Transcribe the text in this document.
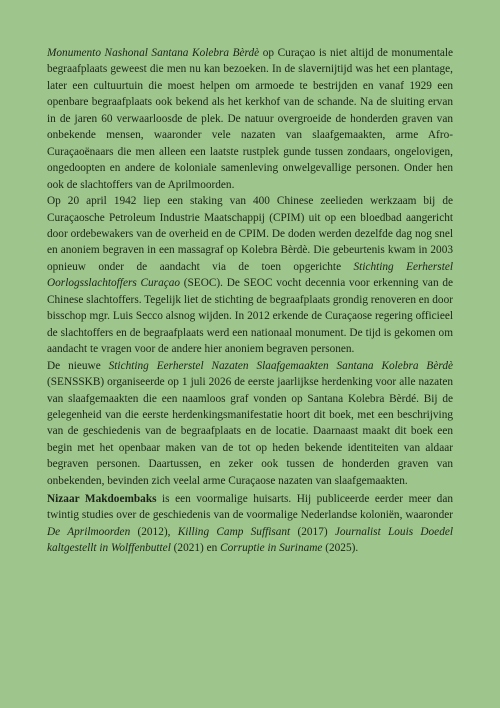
Monumento Nashonal Santana Kolebra Bèrdè op Curaçao is niet altijd de monumentale begraafplaats geweest die men nu kan bezoeken. In de slavernijtijd was het een plantage, later een cultuurtuin die moest helpen om armoede te bestrijden en vanaf 1929 een openbare begraafplaats ook bekend als het kerkhof van de schande. Na de sluiting ervan in de jaren 60 verwaarloosde de plek. De natuur overgroeide de honderden graven van onbekende mensen, waaronder vele nazaten van slaafgemaakten, arme Afro-Curaçaoënaars die men alleen een laatste rustplek gunde tussen zondaars, ongelovigen, ongedoopten en andere de koloniale samenleving onwelgevallige personen. Onder hen ook de slachtoffers van de Aprilmoorden.

Op 20 april 1942 liep een staking van 400 Chinese zeelieden werkzaam bij de Curaçaosche Petroleum Industrie Maatschappij (CPIM) uit op een bloedbad aangericht door ordebewakers van de overheid en de CPIM. De doden werden dezelfde dag nog snel en anoniem begraven in een massagraf op Kolebra Bèrdè. Die gebeurtenis kwam in 2003 opnieuw onder de aandacht via de toen opgerichte Stichting Eerherstel Oorlogsslachtoffers Curaçao (SEOC). De SEOC vocht decennia voor erkenning van de Chinese slachtoffers. Tegelijk liet de stichting de begraafplaats grondig renoveren en door bisschop mgr. Luis Secco alsnog wijden. In 2012 erkende de Curaçaose regering officieel de slachtoffers en de begraafplaats werd een nationaal monument. De tijd is gekomen om aandacht te vragen voor de andere hier anoniem begraven personen.

De nieuwe Stichting Eerherstel Nazaten Slaafgemaakten Santana Kolebra Bèrdè (SENSSKB) organiseerde op 1 juli 2026 de eerste jaarlijkse herdenking voor alle nazaten van slaafgemaakten die een naamloos graf vonden op Santana Kolebra Bèrdé. Bij de gelegenheid van die eerste herdenkingsmanifestatie hoort dit boek, met een beschrijving van de geschiedenis van de begraafplaats en de locatie. Daarnaast maakt dit boek een begin met het openbaar maken van de tot op heden bekende identiteiten van aldaar begraven personen. Daartussen, en zeker ook tussen de honderden graven van onbekenden, bevinden zich veelal arme Curaçaose nazaten van slaafgemaakten.

Nizaar Makdoembaks is een voormalige huisarts. Hij publiceerde eerder meer dan twintig studies over de geschiedenis van de voormalige Nederlandse koloniën, waaronder De Aprilmoorden (2012), Killing Camp Suffisant (2017) Journalist Louis Doedel kaltgestellt in Wolffenbuttel (2021) en Corruptie in Suriname (2025).
